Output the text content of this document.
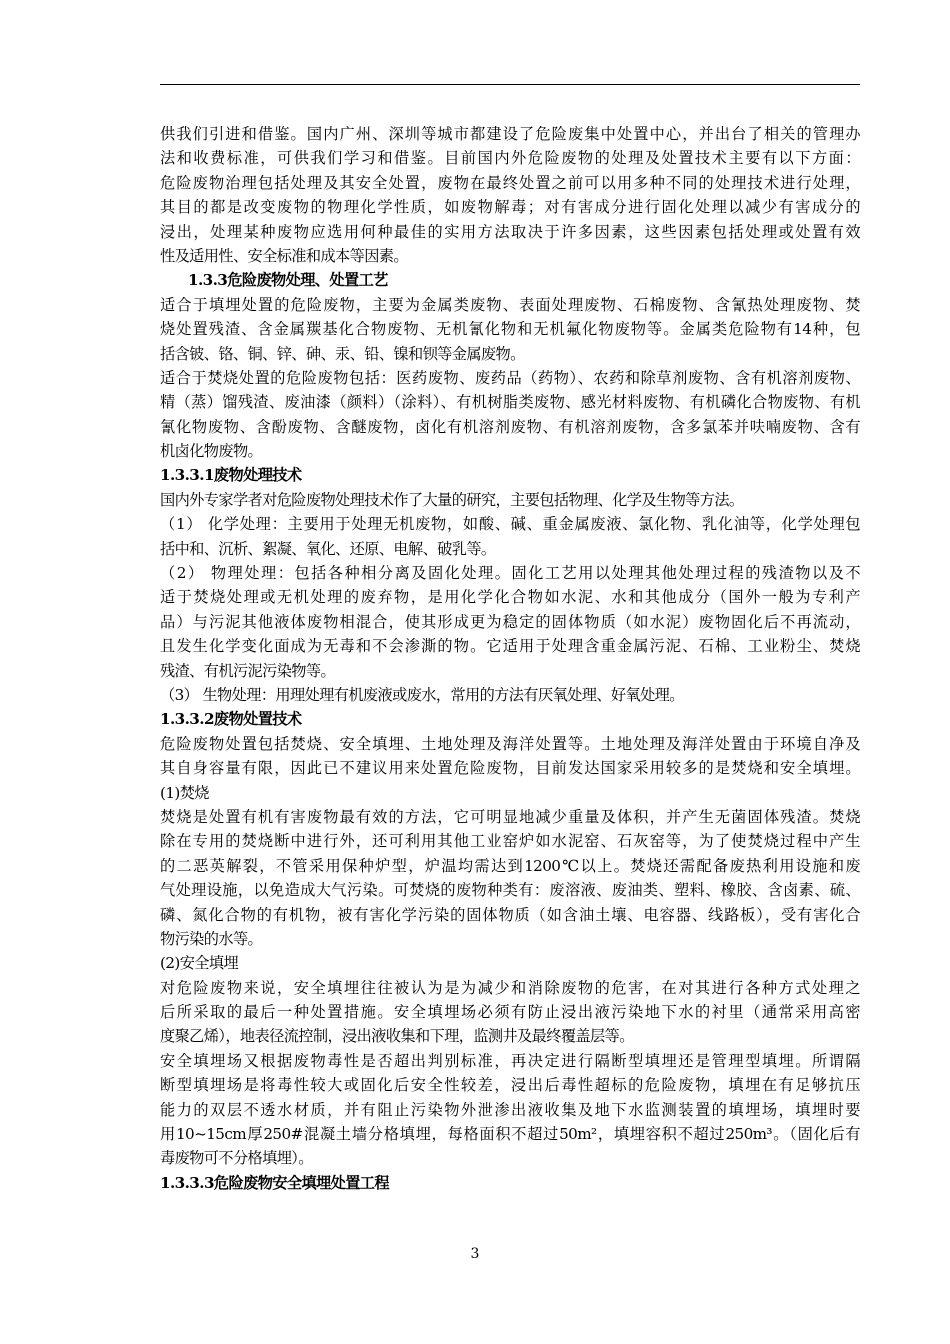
供我们引进和借鉴。国内广州、深圳等城市都建设了危险废集中处置中心，并出台了相关的管理办
法和收费标准，可供我们学习和借鉴。目前国内外危险废物的处理及处置技术主要有以下方面：
危险废物治理包括处理及其安全处置，废物在最终处置之前可以用多种不同的处理技术进行处理，
其目的都是改变废物的物理化学性质，如废物解毒；对有害成分进行固化处理以减少有害成分的
浸出，处理某种废物应选用何种最佳的实用方法取决于许多因素，这些因素包括处理或处置有效
性及适用性、安全标准和成本等因素。
1.3.3危险废物处理、处置工艺
适合于填埋处置的危险废物，主要为金属类废物、表面处理废物、石棉废物、含氰热处理废物、焚
烧处置残渣、含金属羰基化合物废物、无机氰化物和无机氟化物废物等。金属类危险物有14种，包
括含铍、铬、铜、锌、砷、汞、铅、镍和钡等金属废物。
适合于焚烧处置的危险废物包括：医药废物、废药品（药物）、农药和除草剂废物、含有机溶剂废物、
精（蒸）馏残渣、废油漆（颜料）（涂料）、有机树脂类废物、感光材料废物、有机磷化合物废物、有机
氰化物废物、含酚废物、含醚废物，卤化有机溶剂废物、有机溶剂废物，含多氯苯并呋喃废物、含有
机卤化物废物。
1.3.3.1废物处理技术
国内外专家学者对危险废物处理技术作了大量的研究，主要包括物理、化学及生物等方法。
（1） 化学处理：主要用于处理无机废物，如酸、碱、重金属废液、氯化物、乳化油等，化学处理包
括中和、沉析、絮凝、氧化、还原、电解、破乳等。
（2） 物理处理：包括各种相分离及固化处理。固化工艺用以处理其他处理过程的残渣物以及不
适于焚烧处理或无机处理的废弃物，是用化学化合物如水泥、水和其他成分（国外一般为专利产
品）与污泥其他液体废物相混合，使其形成更为稳定的固体物质（如水泥）废物固化后不再流动，
且发生化学变化面成为无毒和不会渗澌的物。它适用于处理含重金属污泥、石棉、工业粉尘、焚烧
残渣、有机污泥污染物等。
（3） 生物处理：用理处理有机废液或废水，常用的方法有厌氧处理、好氧处理。
1.3.3.2废物处置技术
危险废物处置包括焚烧、安全填埋、土地处理及海洋处置等。土地处理及海洋处置由于环境自净及
其自身容量有限，因此已不建议用来处置危险废物，目前发达国家采用较多的是焚烧和安全填埋。
(1)焚烧
焚烧是处置有机有害废物最有效的方法，它可明显地减少重量及体积，并产生无菌固体残渣。焚烧
除在专用的焚烧断中进行外，还可利用其他工业窑炉如水泥窑、石灰窑等，为了使焚烧过程中产生
的二恶英解裂，不管采用保种炉型，炉温均需达到1200℃以上。焚烧还需配备废热利用设施和废
气处理设施，以免造成大气污染。可焚烧的废物种类有：废溶液、废油类、塑料、橡胶、含卤素、硫、
磷、氮化合物的有机物，被有害化学污染的固体物质（如含油土壤、电容器、线路板），受有害化合
物污染的水等。
(2)安全填埋
对危险废物来说，安全填埋往往被认为是为减少和消除废物的危害，在对其进行各种方式处理之
后所采取的最后一种处置措施。安全填埋场必须有防止浸出液污染地下水的衬里（通常采用高密
度聚乙烯），地表径流控制，浸出液收集和下理，监测井及最终覆盖层等。
安全填埋场又根据废物毒性是否超出判别标准，再决定进行隔断型填埋还是管理型填埋。所谓隔
断型填埋场是将毒性较大或固化后安全性较差，浸出后毒性超标的危险废物，填埋在有足够抗压
能力的双层不透水材质，并有阻止污染物外泄渗出液收集及地下水监测装置的填埋场，填埋时要
用10~15cm厚250#混凝土墙分格填埋，每格面积不超过50m²，填埋容积不超过250m³。（固化后有
毒废物可不分格填埋）。
1.3.3.3危险废物安全填埋处置工程
3
